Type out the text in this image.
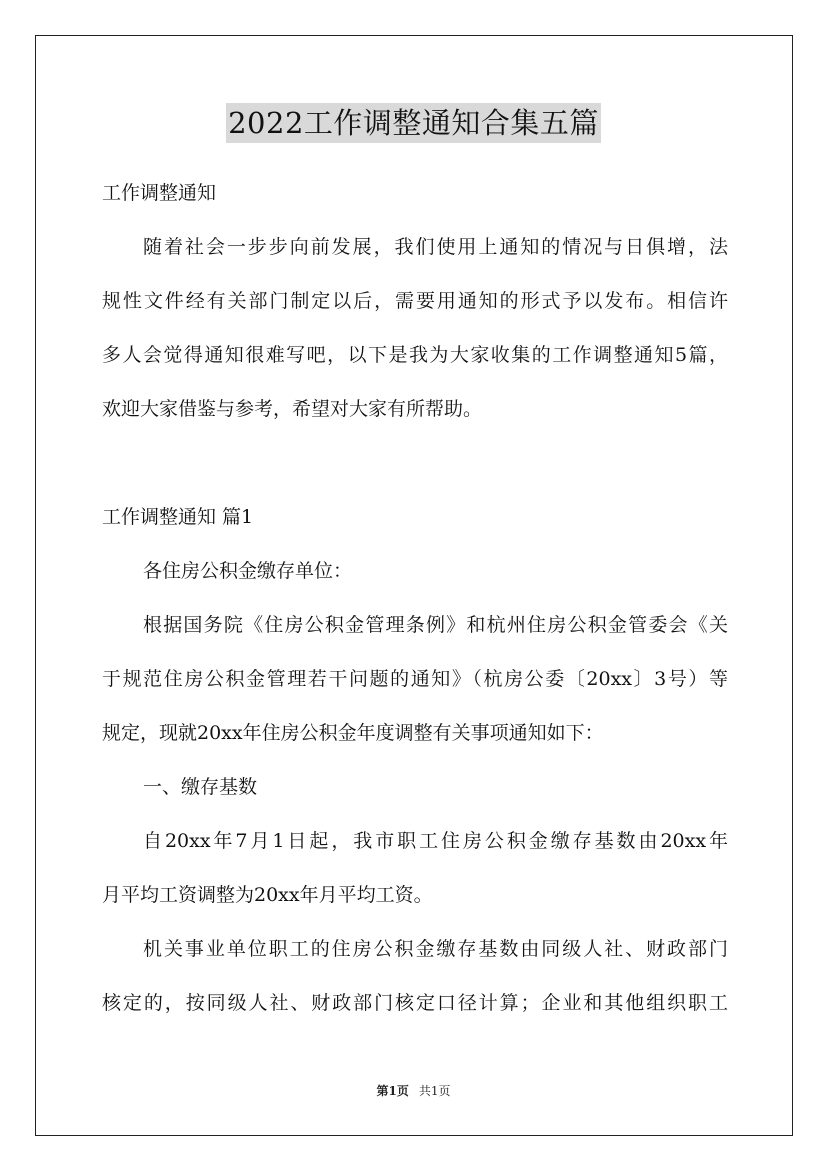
2022工作调整通知合集五篇
工作调整通知
随着社会一步步向前发展，我们使用上通知的情况与日俱增，法
规性文件经有关部门制定以后，需要用通知的形式予以发布。相信许
多人会觉得通知很难写吧，以下是我为大家收集的工作调整通知5篇，
欢迎大家借鉴与参考，希望对大家有所帮助。
工作调整通知 篇1
各住房公积金缴存单位：
根据国务院《住房公积金管理条例》和杭州住房公积金管委会《关
于规范住房公积金管理若干问题的通知》（杭房公委〔20xx〕3号）等
规定，现就20xx年住房公积金年度调整有关事项通知如下：
一、缴存基数
自20xx年7月1日起，我市职工住房公积金缴存基数由20xx年
月平均工资调整为20xx年月平均工资。
机关事业单位职工的住房公积金缴存基数由同级人社、财政部门
核定的，按同级人社、财政部门核定口径计算；企业和其他组织职工
第1页 共1页
